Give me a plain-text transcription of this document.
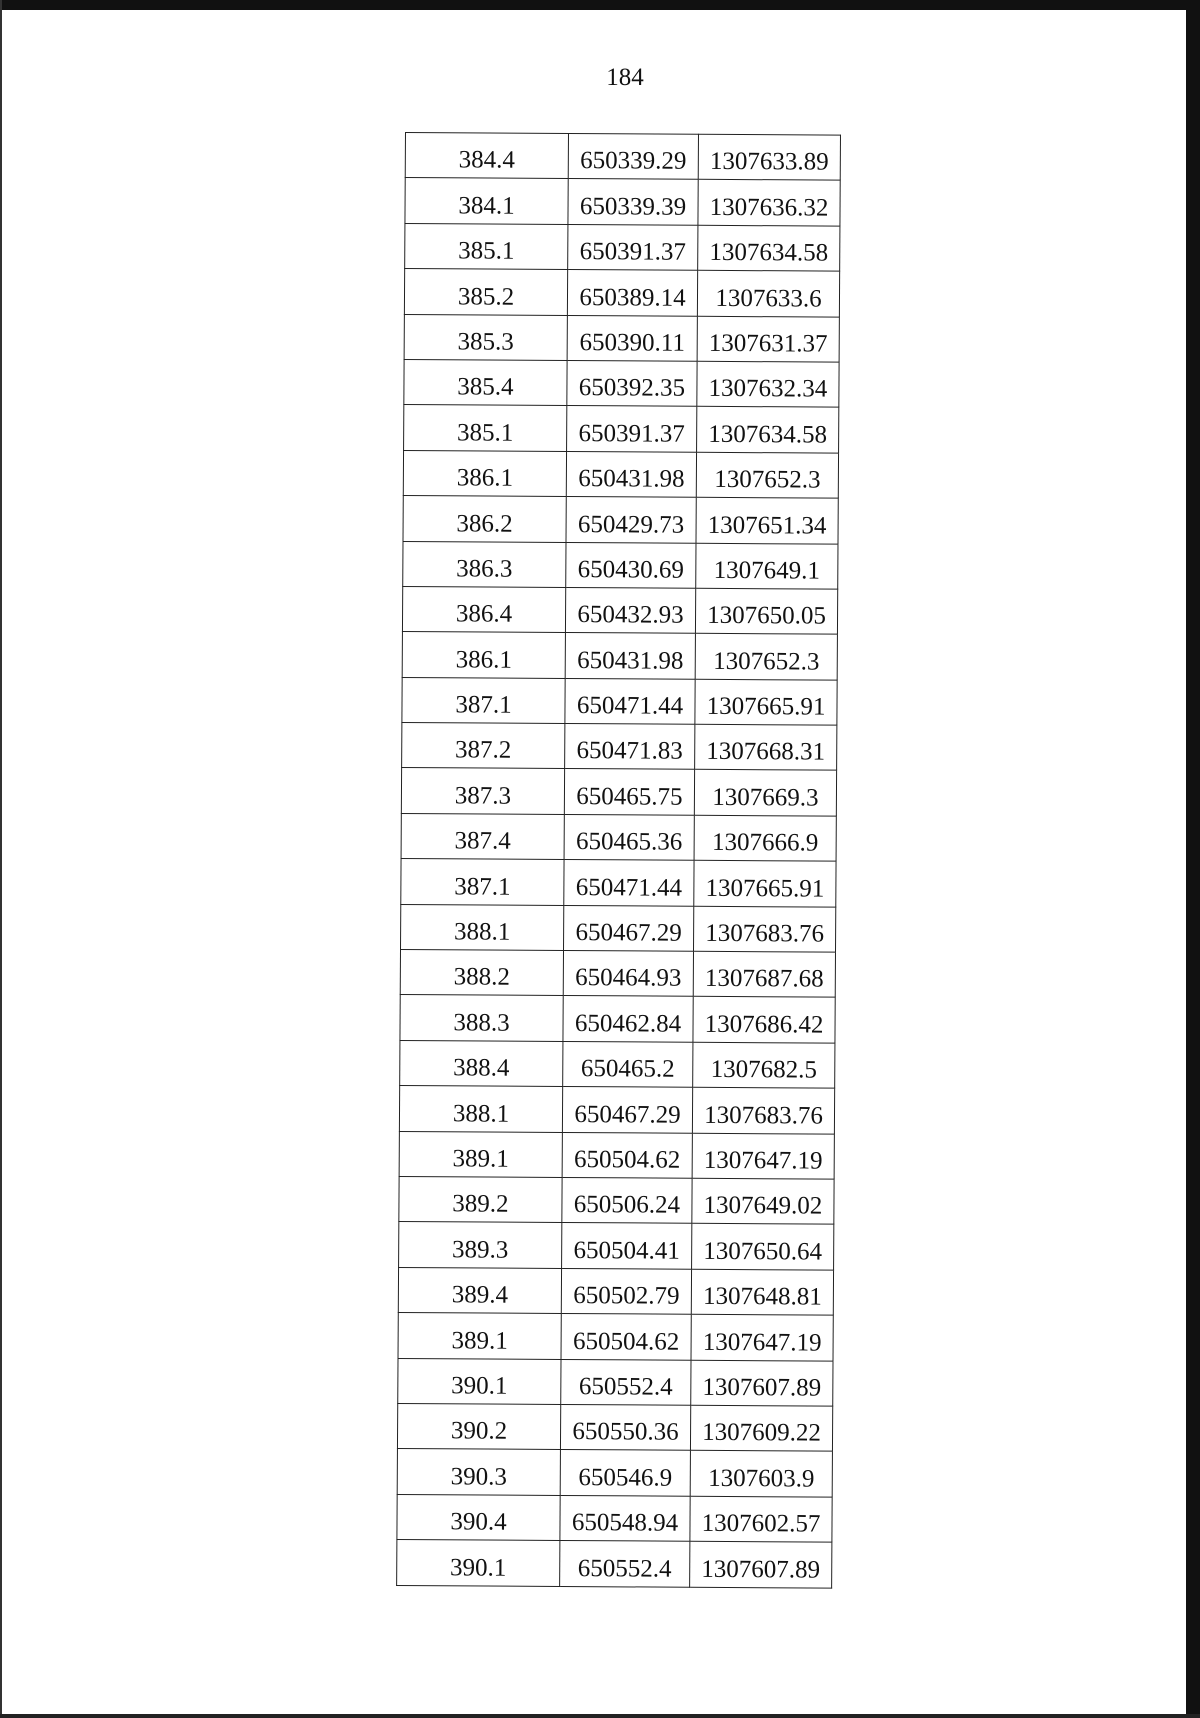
184
384.4	650339.29	1307633.89
384.1	650339.39	1307636.32
385.1	650391.37	1307634.58
385.2	650389.14	1307633.6
385.3	650390.11	1307631.37
385.4	650392.35	1307632.34
385.1	650391.37	1307634.58
386.1	650431.98	1307652.3
386.2	650429.73	1307651.34
386.3	650430.69	1307649.1
386.4	650432.93	1307650.05
386.1	650431.98	1307652.3
387.1	650471.44	1307665.91
387.2	650471.83	1307668.31
387.3	650465.75	1307669.3
387.4	650465.36	1307666.9
387.1	650471.44	1307665.91
388.1	650467.29	1307683.76
388.2	650464.93	1307687.68
388.3	650462.84	1307686.42
388.4	650465.2	1307682.5
388.1	650467.29	1307683.76
389.1	650504.62	1307647.19
389.2	650506.24	1307649.02
389.3	650504.41	1307650.64
389.4	650502.79	1307648.81
389.1	650504.62	1307647.19
390.1	650552.4	1307607.89
390.2	650550.36	1307609.22
390.3	650546.9	1307603.9
390.4	650548.94	1307602.57
390.1	650552.4	1307607.89
